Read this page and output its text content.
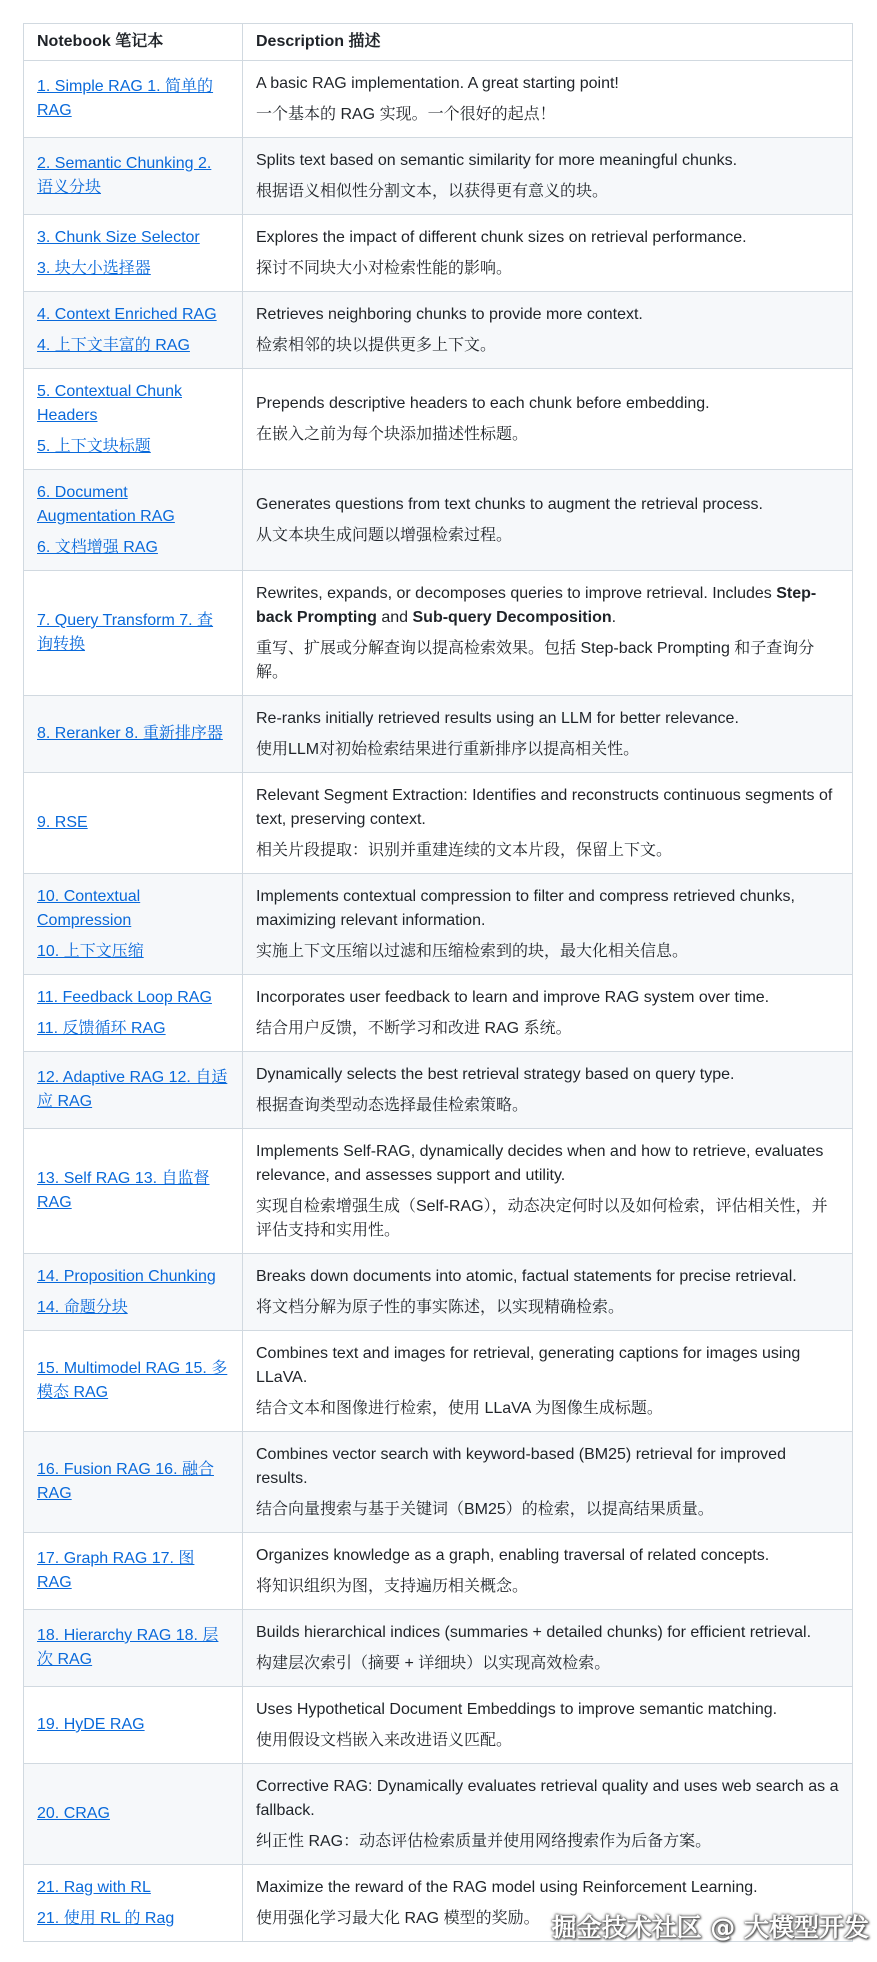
Notebook 笔记本	Description 描述

1. Simple RAG 1. 简单的 RAG	A basic RAG implementation. A great starting point!
一个基本的 RAG 实现。一个很好的起点！

2. Semantic Chunking 2. 语义分块	Splits text based on semantic similarity for more meaningful chunks.
根据语义相似性分割文本，以获得更有意义的块。

3. Chunk Size Selector
3. 块大小选择器	Explores the impact of different chunk sizes on retrieval performance.
探讨不同块大小对检索性能的影响。

4. Context Enriched RAG
4. 上下文丰富的 RAG	Retrieves neighboring chunks to provide more context.
检索相邻的块以提供更多上下文。

5. Contextual Chunk Headers
5. 上下文块标题	Prepends descriptive headers to each chunk before embedding.
在嵌入之前为每个块添加描述性标题。

6. Document Augmentation RAG
6. 文档增强 RAG	Generates questions from text chunks to augment the retrieval process.
从文本块生成问题以增强检索过程。

7. Query Transform 7. 查询转换	Rewrites, expands, or decomposes queries to improve retrieval. Includes Step-back Prompting and Sub-query Decomposition.
重写、扩展或分解查询以提高检索效果。包括 Step-back Prompting 和子查询分解。

8. Reranker 8. 重新排序器	Re-ranks initially retrieved results using an LLM for better relevance.
使用LLM对初始检索结果进行重新排序以提高相关性。

9. RSE	Relevant Segment Extraction: Identifies and reconstructs continuous segments of text, preserving context.
相关片段提取：识别并重建连续的文本片段，保留上下文。

10. Contextual Compression
10. 上下文压缩	Implements contextual compression to filter and compress retrieved chunks, maximizing relevant information.
实施上下文压缩以过滤和压缩检索到的块，最大化相关信息。

11. Feedback Loop RAG
11. 反馈循环 RAG	Incorporates user feedback to learn and improve RAG system over time.
结合用户反馈，不断学习和改进 RAG 系统。

12. Adaptive RAG 12. 自适应 RAG	Dynamically selects the best retrieval strategy based on query type.
根据查询类型动态选择最佳检索策略。

13. Self RAG 13. 自监督 RAG	Implements Self-RAG, dynamically decides when and how to retrieve, evaluates relevance, and assesses support and utility.
实现自检索增强生成（Self-RAG），动态决定何时以及如何检索，评估相关性，并评估支持和实用性。

14. Proposition Chunking
14. 命题分块	Breaks down documents into atomic, factual statements for precise retrieval.
将文档分解为原子性的事实陈述，以实现精确检索。

15. Multimodel RAG 15. 多模态 RAG	Combines text and images for retrieval, generating captions for images using LLaVA.
结合文本和图像进行检索，使用 LLaVA 为图像生成标题。

16. Fusion RAG 16. 融合 RAG	Combines vector search with keyword-based (BM25) retrieval for improved results.
结合向量搜索与基于关键词（BM25）的检索，以提高结果质量。

17. Graph RAG 17. 图 RAG	Organizes knowledge as a graph, enabling traversal of related concepts.
将知识组织为图，支持遍历相关概念。

18. Hierarchy RAG 18. 层次 RAG	Builds hierarchical indices (summaries + detailed chunks) for efficient retrieval.
构建层次索引（摘要 + 详细块）以实现高效检索。

19. HyDE RAG	Uses Hypothetical Document Embeddings to improve semantic matching.
使用假设文档嵌入来改进语义匹配。

20. CRAG	Corrective RAG: Dynamically evaluates retrieval quality and uses web search as a fallback.
纠正性 RAG：动态评估检索质量并使用网络搜索作为后备方案。

21. Rag with RL
21. 使用 RL 的 Rag	Maximize the reward of the RAG model using Reinforcement Learning.
使用强化学习最大化 RAG 模型的奖励。 掘金技术社区 @ 大模型开发
